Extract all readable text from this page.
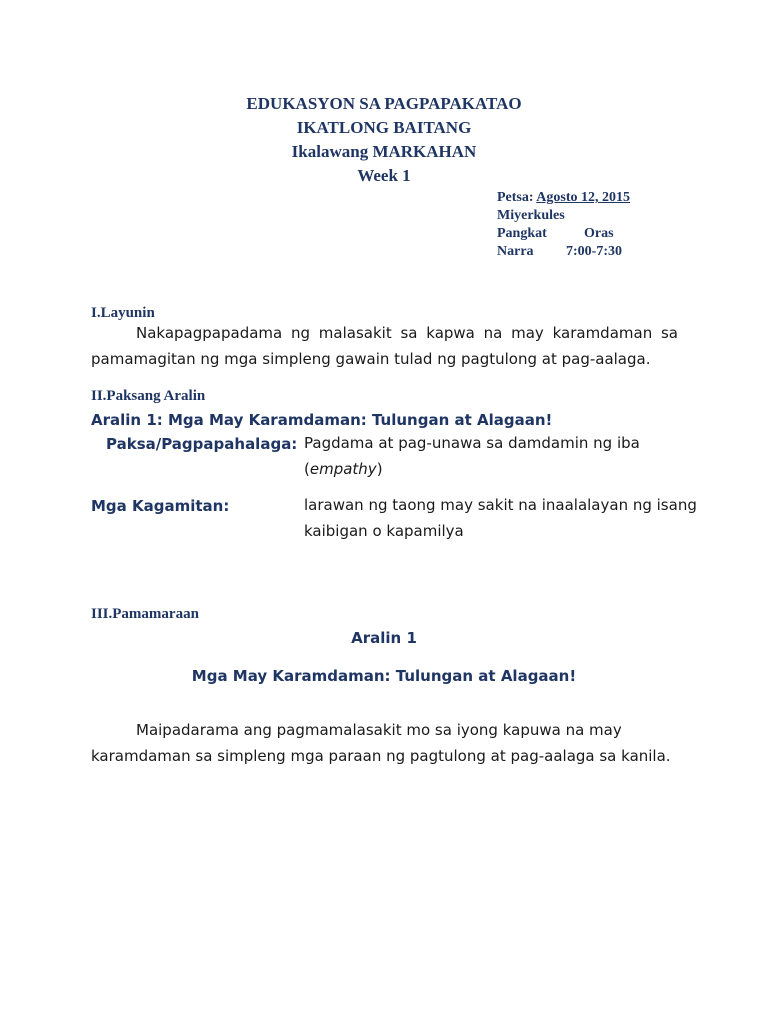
EDUKASYON SA PAGPAPAKATAO
IKATLONG BAITANG
Ikalawang MARKAHAN
Week 1
Petsa: Agosto 12, 2015
Miyerkules
Pangkat	Oras
Narra 7:00-7:30
I.Layunin
Nakapagpapadama ng malasakit sa kapwa na may karamdaman sa pamamagitan ng mga simpleng gawain tulad ng pagtulong at pag-aalaga.
II.Paksang Aralin
Aralin 1: Mga May Karamdaman: Tulungan at Alagaan!
Paksa/Pagpapahalaga: Pagdama at pag-unawa sa damdamin ng iba (empathy)
Mga Kagamitan:	larawan ng taong may sakit na inaalalayan ng isang kaibigan o kapamilya
III.Pamamaraan
Aralin 1
Mga May Karamdaman: Tulungan at Alagaan!
Maipadarama ang pagmamalasakit mo sa iyong kapuwa na may karamdaman sa simpleng mga paraan ng pagtulong at pag-aalaga sa kanila.
